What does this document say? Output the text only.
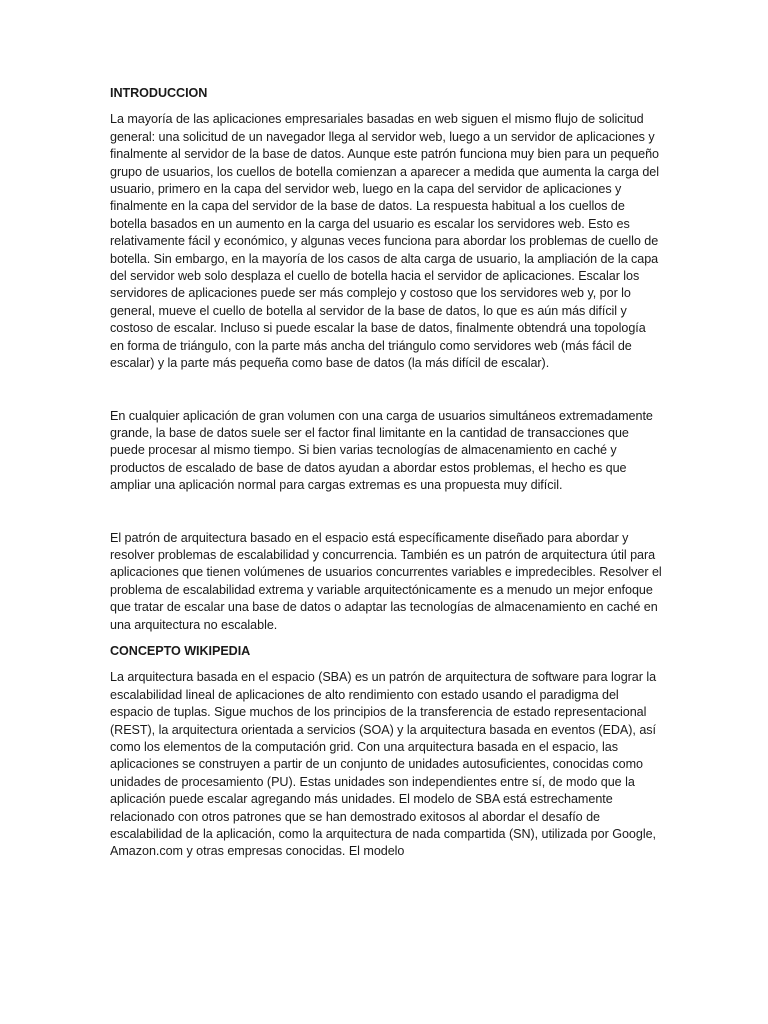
INTRODUCCION

La mayoría de las aplicaciones empresariales basadas en web siguen el mismo flujo de solicitud general: una solicitud de un navegador llega al servidor web, luego a un servidor de aplicaciones y finalmente al servidor de la base de datos. Aunque este patrón funciona muy bien para un pequeño grupo de usuarios, los cuellos de botella comienzan a aparecer a medida que aumenta la carga del usuario, primero en la capa del servidor web, luego en la capa del servidor de aplicaciones y finalmente en la capa del servidor de la base de datos. La respuesta habitual a los cuellos de botella basados en un aumento en la carga del usuario es escalar los servidores web. Esto es relativamente fácil y económico, y algunas veces funciona para abordar los problemas de cuello de botella. Sin embargo, en la mayoría de los casos de alta carga de usuario, la ampliación de la capa del servidor web solo desplaza el cuello de botella hacia el servidor de aplicaciones. Escalar los servidores de aplicaciones puede ser más complejo y costoso que los servidores web y, por lo general, mueve el cuello de botella al servidor de la base de datos, lo que es aún más difícil y costoso de escalar. Incluso si puede escalar la base de datos, finalmente obtendrá una topología en forma de triángulo, con la parte más ancha del triángulo como servidores web (más fácil de escalar) y la parte más pequeña como base de datos (la más difícil de escalar).

En cualquier aplicación de gran volumen con una carga de usuarios simultáneos extremadamente grande, la base de datos suele ser el factor final limitante en la cantidad de transacciones que puede procesar al mismo tiempo. Si bien varias tecnologías de almacenamiento en caché y productos de escalado de base de datos ayudan a abordar estos problemas, el hecho es que ampliar una aplicación normal para cargas extremas es una propuesta muy difícil.

El patrón de arquitectura basado en el espacio está específicamente diseñado para abordar y resolver problemas de escalabilidad y concurrencia. También es un patrón de arquitectura útil para aplicaciones que tienen volúmenes de usuarios concurrentes variables e impredecibles. Resolver el problema de escalabilidad extrema y variable arquitectónicamente es a menudo un mejor enfoque que tratar de escalar una base de datos o adaptar las tecnologías de almacenamiento en caché en una arquitectura no escalable.

CONCEPTO WIKIPEDIA

La arquitectura basada en el espacio (SBA) es un patrón de arquitectura de software para lograr la escalabilidad lineal de aplicaciones de alto rendimiento con estado usando el paradigma del espacio de tuplas. Sigue muchos de los principios de la transferencia de estado representacional (REST), la arquitectura orientada a servicios (SOA) y la arquitectura basada en eventos (EDA), así como los elementos de la computación grid. Con una arquitectura basada en el espacio, las aplicaciones se construyen a partir de un conjunto de unidades autosuficientes, conocidas como unidades de procesamiento (PU). Estas unidades son independientes entre sí, de modo que la aplicación puede escalar agregando más unidades. El modelo de SBA está estrechamente relacionado con otros patrones que se han demostrado exitosos al abordar el desafío de escalabilidad de la aplicación, como la arquitectura de nada compartida (SN), utilizada por Google, Amazon.com y otras empresas conocidas. El modelo
